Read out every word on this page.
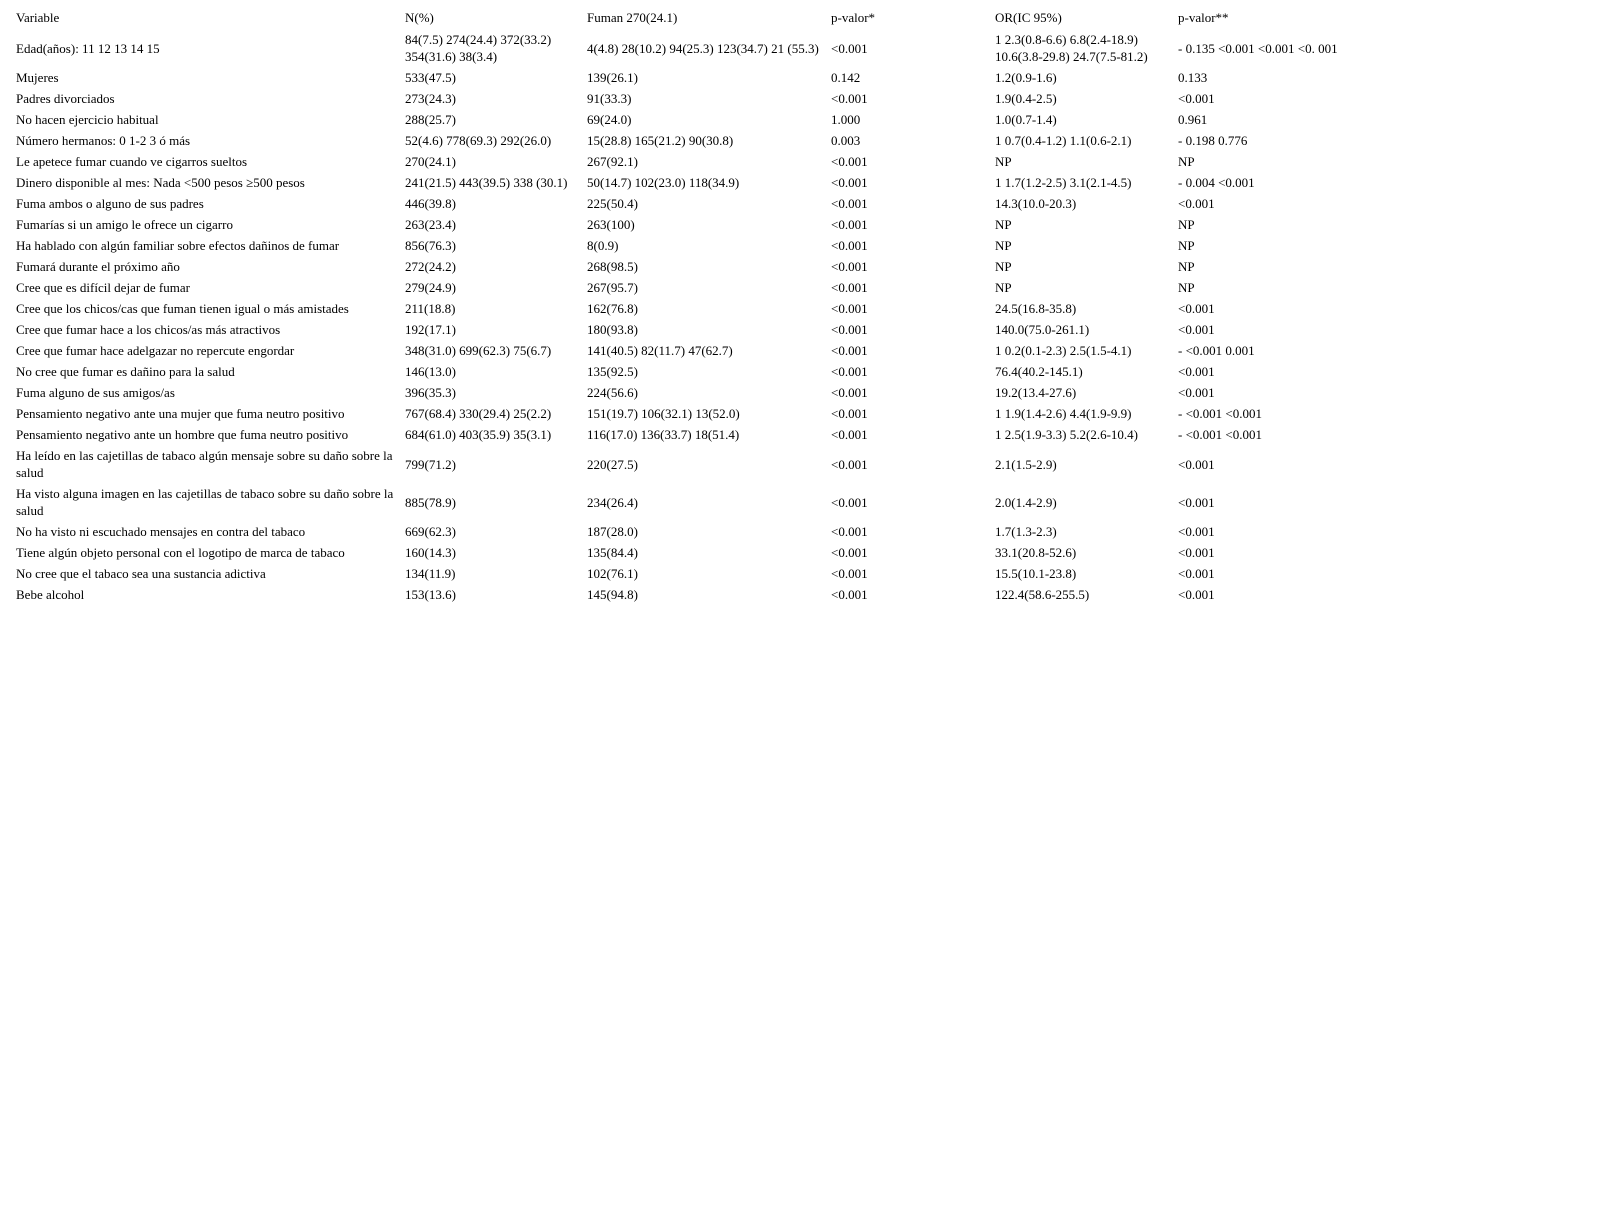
Variable	N(%)	Fuman 270(24.1)	p-valor*	OR(IC 95%)	p-valor**
Edad(años): 11 12 13 14 15	84(7.5) 274(24.4) 372(33.2) 354(31.6) 38(3.4)	4(4.8) 28(10.2) 94(25.3) 123(34.7) 21 (55.3)	<0.001	1 2.3(0.8-6.6) 6.8(2.4-18.9) 10.6(3.8-29.8) 24.7(7.5-81.2)	- 0.135 <0.001 <0.001 <0. 001
Mujeres	533(47.5)	139(26.1)	0.142	1.2(0.9-1.6)	0.133
Padres divorciados	273(24.3)	91(33.3)	<0.001	1.9(0.4-2.5)	<0.001
No hacen ejercicio habitual	288(25.7)	69(24.0)	1.000	1.0(0.7-1.4)	0.961
Número hermanos: 0 1-2 3 ó más	52(4.6) 778(69.3) 292(26.0)	15(28.8) 165(21.2) 90(30.8)	0.003	1 0.7(0.4-1.2) 1.1(0.6-2.1)	- 0.198 0.776
Le apetece fumar cuando ve cigarros sueltos	270(24.1)	267(92.1)	<0.001	NP	NP
Dinero disponible al mes: Nada <500 pesos ≥500 pesos	241(21.5) 443(39.5) 338 (30.1)	50(14.7) 102(23.0) 118(34.9)	<0.001	1 1.7(1.2-2.5) 3.1(2.1-4.5)	- 0.004 <0.001
Fuma ambos o alguno de sus padres	446(39.8)	225(50.4)	<0.001	14.3(10.0-20.3)	<0.001
Fumarías si un amigo le ofrece un cigarro	263(23.4)	263(100)	<0.001	NP	NP
Ha hablado con algún familiar sobre efectos dañinos de fumar	856(76.3)	8(0.9)	<0.001	NP	NP
Fumará durante el próximo año	272(24.2)	268(98.5)	<0.001	NP	NP
Cree que es difícil dejar de fumar	279(24.9)	267(95.7)	<0.001	NP	NP
Cree que los chicos/cas que fuman tienen igual o más amistades	211(18.8)	162(76.8)	<0.001	24.5(16.8-35.8)	<0.001
Cree que fumar hace a los chicos/as más atractivos	192(17.1)	180(93.8)	<0.001	140.0(75.0-261.1)	<0.001
Cree que fumar hace adelgazar no repercute engordar	348(31.0) 699(62.3) 75(6.7)	141(40.5) 82(11.7) 47(62.7)	<0.001	1 0.2(0.1-2.3) 2.5(1.5-4.1)	- <0.001 0.001
No cree que fumar es dañino para la salud	146(13.0)	135(92.5)	<0.001	76.4(40.2-145.1)	<0.001
Fuma alguno de sus amigos/as	396(35.3)	224(56.6)	<0.001	19.2(13.4-27.6)	<0.001
Pensamiento negativo ante una mujer que fuma neutro positivo	767(68.4) 330(29.4) 25(2.2)	151(19.7) 106(32.1) 13(52.0)	<0.001	1 1.9(1.4-2.6) 4.4(1.9-9.9)	- <0.001 <0.001
Pensamiento negativo ante un hombre que fuma neutro positivo	684(61.0) 403(35.9) 35(3.1)	116(17.0) 136(33.7) 18(51.4)	<0.001	1 2.5(1.9-3.3) 5.2(2.6-10.4)	- <0.001 <0.001
Ha leído en las cajetillas de tabaco algún mensaje sobre su daño sobre la salud	799(71.2)	220(27.5)	<0.001	2.1(1.5-2.9)	<0.001
Ha visto alguna imagen en las cajetillas de tabaco sobre su daño sobre la salud	885(78.9)	234(26.4)	<0.001	2.0(1.4-2.9)	<0.001
No ha visto ni escuchado mensajes en contra del tabaco	669(62.3)	187(28.0)	<0.001	1.7(1.3-2.3)	<0.001
Tiene algún objeto personal con el logotipo de marca de tabaco	160(14.3)	135(84.4)	<0.001	33.1(20.8-52.6)	<0.001
No cree que el tabaco sea una sustancia adictiva	134(11.9)	102(76.1)	<0.001	15.5(10.1-23.8)	<0.001
Bebe alcohol	153(13.6)	145(94.8)	<0.001	122.4(58.6-255.5)	<0.001
